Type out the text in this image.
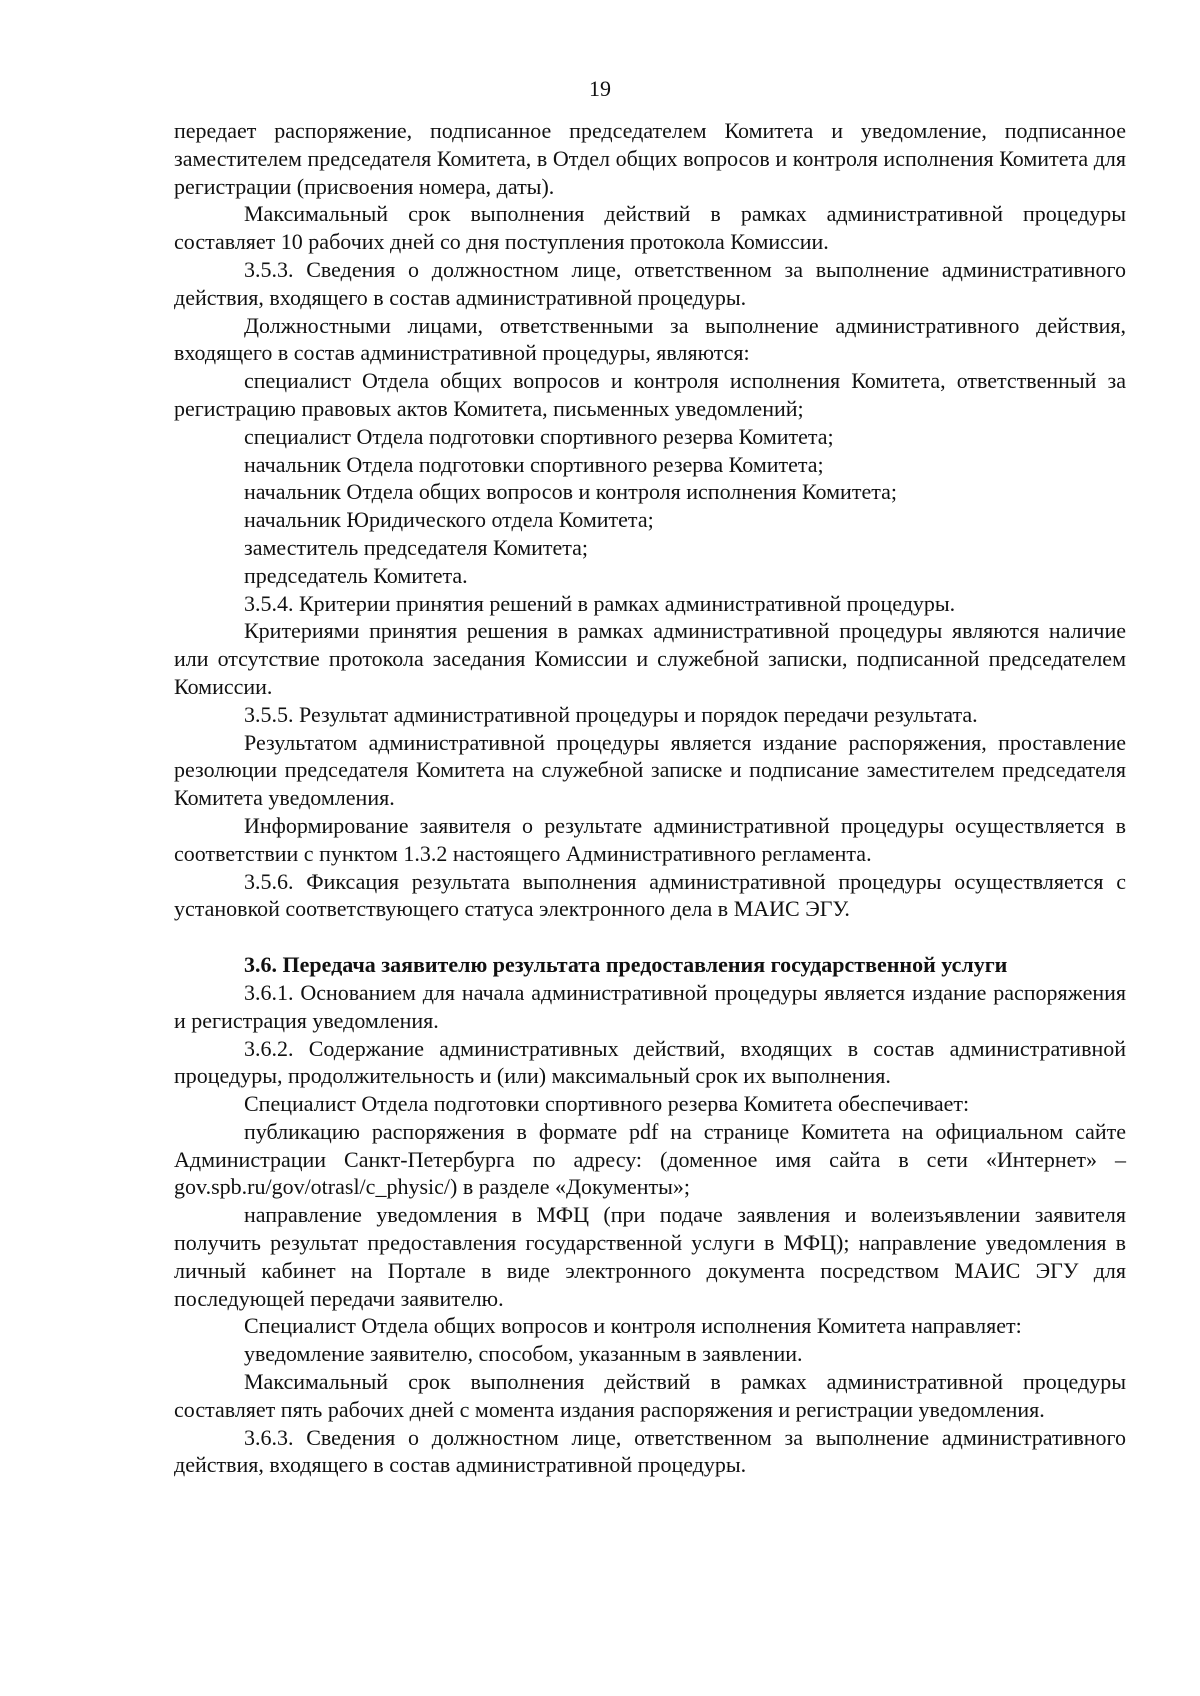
19

передает распоряжение, подписанное председателем Комитета и уведомление, подписанное заместителем председателя Комитета, в Отдел общих вопросов и контроля исполнения Комитета для регистрации (присвоения номера, даты).

Максимальный срок выполнения действий в рамках административной процедуры составляет 10 рабочих дней со дня поступления протокола Комиссии.

3.5.3. Сведения о должностном лице, ответственном за выполнение административного действия, входящего в состав административной процедуры.

Должностными лицами, ответственными за выполнение административного действия, входящего в состав административной процедуры, являются:

специалист Отдела общих вопросов и контроля исполнения Комитета, ответственный за регистрацию правовых актов Комитета, письменных уведомлений;

специалист Отдела подготовки спортивного резерва Комитета;

начальник Отдела подготовки спортивного резерва Комитета;

начальник Отдела общих вопросов и контроля исполнения Комитета;

начальник Юридического отдела Комитета;

заместитель председателя Комитета;

председатель Комитета.

3.5.4. Критерии принятия решений в рамках административной процедуры.

Критериями принятия решения в рамках административной процедуры являются наличие или отсутствие протокола заседания Комиссии и служебной записки, подписанной председателем Комиссии.

3.5.5. Результат административной процедуры и порядок передачи результата.

Результатом административной процедуры является издание распоряжения, проставление резолюции председателя Комитета на служебной записке и подписание заместителем председателя Комитета уведомления.

Информирование заявителя о результате административной процедуры осуществляется в соответствии с пунктом 1.3.2 настоящего Административного регламента.

3.5.6. Фиксация результата выполнения административной процедуры осуществляется с установкой соответствующего статуса электронного дела в МАИС ЭГУ.

3.6. Передача заявителю результата предоставления государственной услуги

3.6.1. Основанием для начала административной процедуры является издание распоряжения и регистрация уведомления.

3.6.2. Содержание административных действий, входящих в состав административной процедуры, продолжительность и (или) максимальный срок их выполнения.

Специалист Отдела подготовки спортивного резерва Комитета обеспечивает:

публикацию распоряжения в формате pdf на странице Комитета на официальном сайте Администрации Санкт-Петербурга по адресу: (доменное имя сайта в сети «Интернет» – gov.spb.ru/gov/otrasl/c_physic/) в разделе «Документы»;

направление уведомления в МФЦ (при подаче заявления и волеизъявлении заявителя получить результат предоставления государственной услуги в МФЦ); направление уведомления в личный кабинет на Портале в виде электронного документа посредством МАИС ЭГУ для последующей передачи заявителю.

Специалист Отдела общих вопросов и контроля исполнения Комитета направляет:

уведомление заявителю, способом, указанным в заявлении.

Максимальный срок выполнения действий в рамках административной процедуры составляет пять рабочих дней с момента издания распоряжения и регистрации уведомления.

3.6.3. Сведения о должностном лице, ответственном за выполнение административного действия, входящего в состав административной процедуры.
